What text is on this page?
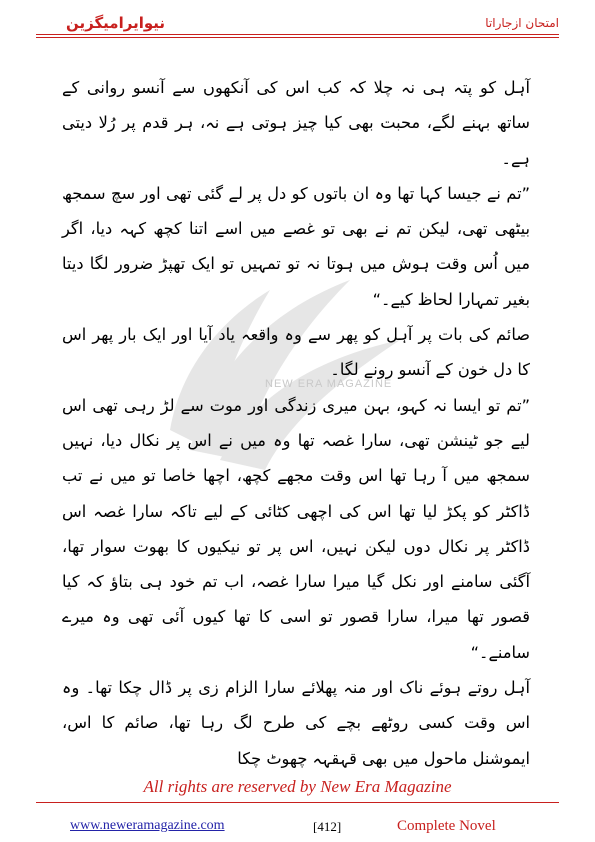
نیوایرامیگزین	امتحان ازجاراتا
NEW ERA MAGAZINE

آہل کو پتہ ہی نہ چلا کہ کب اس کی آنکھوں سے آنسو روانی کے ساتھ بہنے لگے، محبت بھی کیا چیز ہوتی ہے نہ، ہر قدم پر رُلا دیتی ہے۔

”تم نے جیسا کہا تھا وہ ان باتوں کو دل پر لے گئی تھی اور سچ سمجھ بیٹھی تھی، لیکن تم نے بھی تو غصے میں اسے اتنا کچھ کہہ دیا، اگر میں اُس وقت ہوش میں ہوتا نہ تو تمہیں تو ایک تھپڑ ضرور لگا دیتا بغیر تمہارا لحاظ کیے۔“

صائم کی بات پر آہل کو پھر سے وہ واقعہ یاد آیا اور ایک بار پھر اس کا دل خون کے آنسو رونے لگا۔

”تم تو ایسا نہ کہو، بہن میری زندگی اور موت سے لڑ رہی تھی اس لیے جو ٹینشن تھی، سارا غصہ تھا وہ میں نے اس پر نکال دیا، نہیں سمجھ میں آ رہا تھا اس وقت مجھے کچھ، اچھا خاصا تو میں نے تب ڈاکٹر کو پکڑ لیا تھا اس کی اچھی کٹائی کے لیے تاکہ سارا غصہ اس ڈاکٹر پر نکال دوں لیکن نہیں، اس پر تو نیکیوں کا بھوت سوار تھا، آگئی سامنے اور نکل گیا میرا سارا غصہ، اب تم خود ہی بتاؤ کہ کیا قصور تھا میرا، سارا قصور تو اسی کا تھا کیوں آئی تھی وہ میرے سامنے۔“

آہل روتے ہوئے ناک اور منہ پھلائے سارا الزام زی پر ڈال چکا تھا۔ وہ اس وقت کسی روٹھے بچے کی طرح لگ رہا تھا، صائم کا اس، ایموشنل ماحول میں بھی قہقہہ چھوٹ چکا

All rights are reserved by New Era Magazine
www.neweramagazine.com	[412]	Complete Novel
